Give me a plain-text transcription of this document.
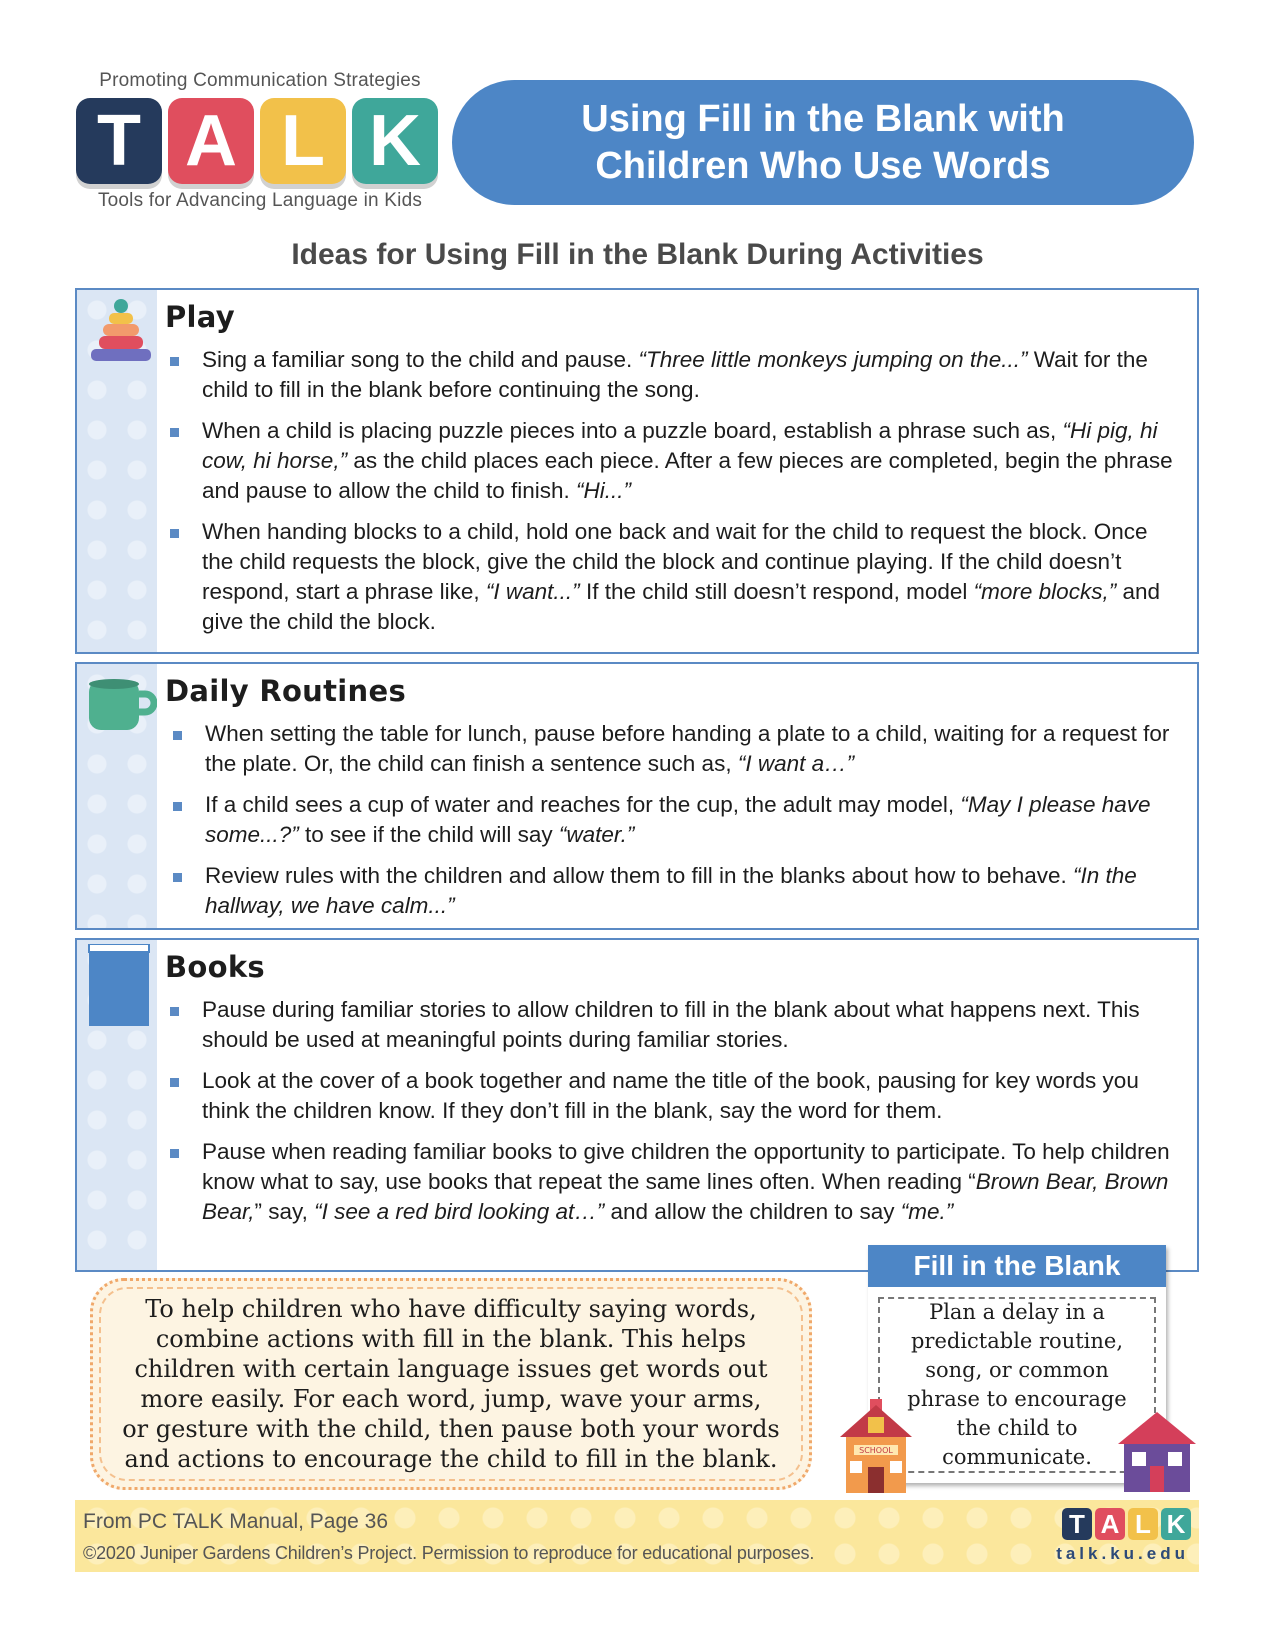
Promoting Communication Strategies
T A L K
Tools for Advancing Language in Kids
Using Fill in the Blank with
Children Who Use Words
Ideas for Using Fill in the Blank During Activities
Play
Sing a familiar song to the child and pause. “Three little monkeys jumping on the...” Wait for the child to fill in the blank before continuing the song.
When a child is placing puzzle pieces into a puzzle board, establish a phrase such as, “Hi pig, hi cow, hi horse,” as the child places each piece. After a few pieces are completed, begin the phrase and pause to allow the child to finish. “Hi...”
When handing blocks to a child, hold one back and wait for the child to request the block. Once the child requests the block, give the child the block and continue playing. If the child doesn’t respond, start a phrase like, “I want...” If the child still doesn’t respond, model “more blocks,” and give the child the block.
Daily Routines
When setting the table for lunch, pause before handing a plate to a child, waiting for a request for the plate. Or, the child can finish a sentence such as, “I want a…”
If a child sees a cup of water and reaches for the cup, the adult may model, “May I please have some...?” to see if the child will say “water.”
Review rules with the children and allow them to fill in the blanks about how to behave. “In the hallway, we have calm...”
Books
Pause during familiar stories to allow children to fill in the blank about what happens next. This should be used at meaningful points during familiar stories.
Look at the cover of a book together and name the title of the book, pausing for key words you think the children know. If they don’t fill in the blank, say the word for them.
Pause when reading familiar books to give children the opportunity to participate. To help children know what to say, use books that repeat the same lines often. When reading “Brown Bear, Brown Bear,” say, “I see a red bird looking at…” and allow the children to say “me.”
To help children who have difficulty saying words,
combine actions with fill in the blank. This helps
children with certain language issues get words out
more easily. For each word, jump, wave your arms,
or gesture with the child, then pause both your words
and actions to encourage the child to fill in the blank.
Fill in the Blank
Plan a delay in a
predictable routine,
song, or common
phrase to encourage
the child to
communicate.
SCHOOL
From PC TALK Manual, Page 36
©2020 Juniper Gardens Children’s Project. Permission to reproduce for educational purposes.
T A L K
talk.ku.edu
